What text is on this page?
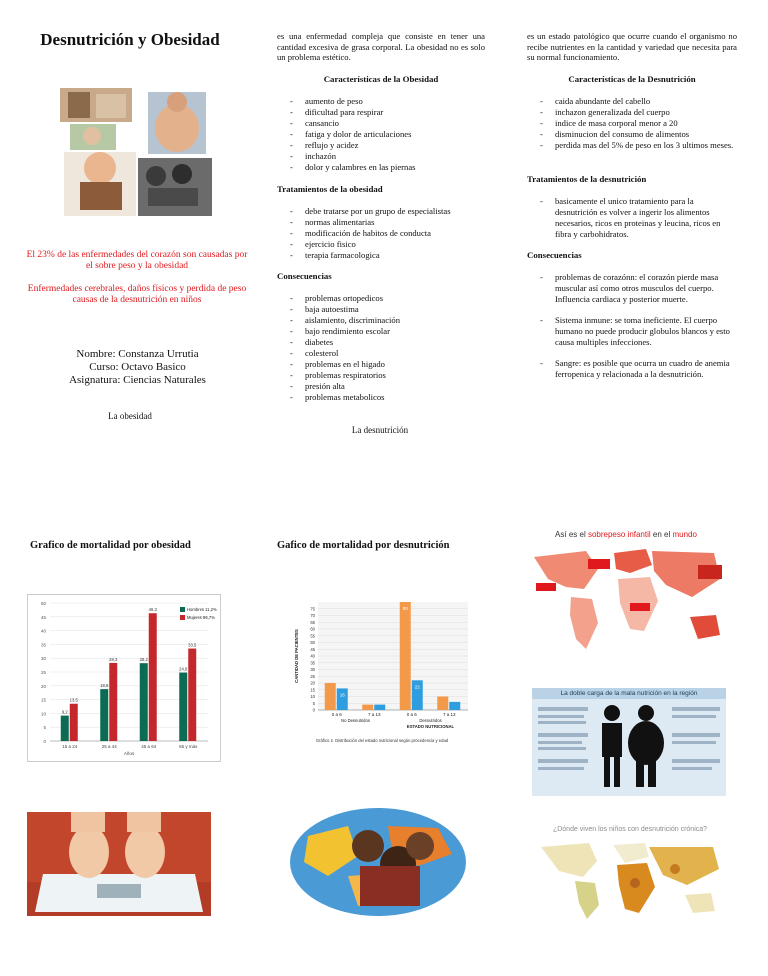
Desnutrición y Obesidad
El 23% de las enfermedades del corazón son causadas por el sobre peso y la obesidad
Enfermedades cerebrales, daños físicos y perdida de peso causas de la desnutrición en niños
Nombre: Constanza Urrutia
Curso: Octavo Basico
Asignatura: Ciencias Naturales
La obesidad
es una enfermedad compleja que consiste en tener una cantidad excesiva de grasa corporal. La obesidad no es solo un problema estético.
Características de la Obesidad
- aumento de peso
- dificultad para respirar
- cansancio
- fatiga y dolor de articulaciones
- reflujo y acidez
- inchazón
- dolor y calambres en las piernas
Tratamientos de la obesidad
- debe tratarse por un grupo de especialistas
- normas alimentarias
- modificación de habitos de conducta
- ejercicio fisico
- terapia farmacologica
Consecuencias
- problemas ortopedicos
- baja autoestima
- aislamiento, discriminación
- bajo rendimiento escolar
- diabetes
- colesterol
- problemas en el higado
- problemas respiratorios
- presión alta
- problemas metabolicos
La desnutrición
es un estado patológico que ocurre cuando el organismo no recibe nutrientes en la cantidad y variedad que necesita para su normal funcionamiento.
Características de la Desnutrición
- caida abundante del cabello
- inchazon generalizada del cuerpo
- indice de masa corporal menor a 20
- disminucion del consumo de alimentos
- perdida mas del 5% de peso en los 3 ultimos meses.
Tratamientos de la desnutrición
- basicamente el unico tratamiento para la desnutrición es volver a ingerir los alimentos necesarios, ricos en proteinas y leucina, ricos en fibra y carbohidratos.
Consecuencias
- problemas de corazónn: el corazón pierde masa muscular así como otros musculos del cuerpo. Influencia cardiaca y posterior muerte.
- Sistema inmune: se toma ineficiente. El cuerpo humano no puede producir globulos blancos y esto causa multiples infecciones.
- Sangre: es posible que ocurra un cuadro de anemia ferropenica y relacionada a la desnutrición.
Grafico de mortalidad por obesidad	Gafico de mortalidad por desnutrición
0
5
10
15
20
25
30
35
40
45
50
9,2
13,5
15 a 24
18,8
28,3
25 a 44
28,2
46,3
45 a 64
24,8
33,5
65 y más
Años
Hombres 11,2%
Mujeres 86,7%
0
5
10
15
20
25
30
35
40
45
50
55
60
65
70
75
16
0 a 6	7 a 13
80
22
0 a 6	7 a 13
No Desnutridos	Desnutridos
ESTADO NUTRICIONAL
CANTIDAD DE PACIENTES
Gráfico 2. Distribución del estado nutricional según procedencia y edad
Así es el sobrepeso infantil en el mundo
La doble carga de la mala nutrición en la región
¿Dónde viven los niños con desnutrición crónica?
